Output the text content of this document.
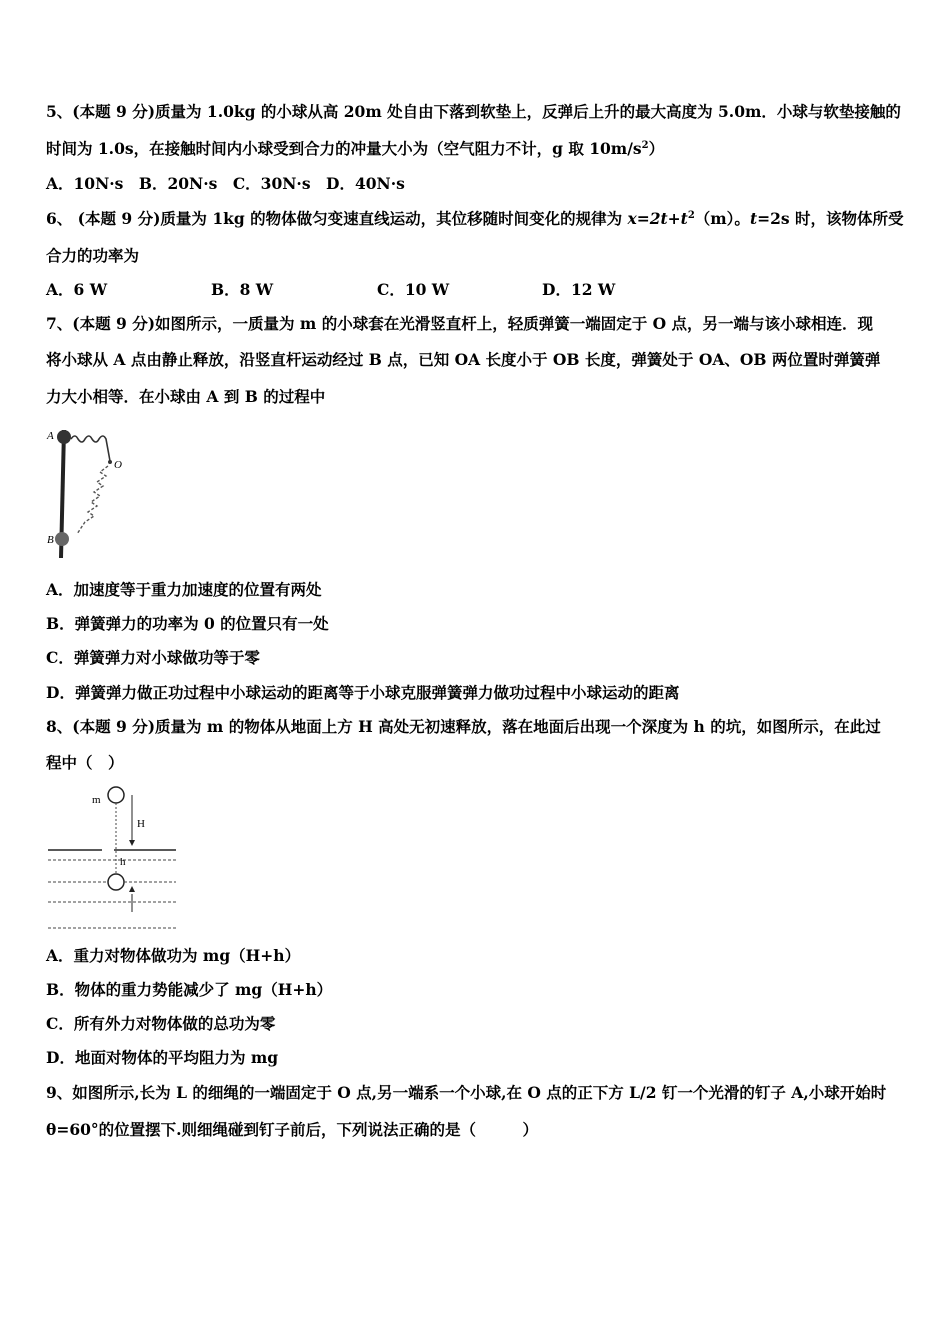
5、(本题 9 分)质量为 1.0kg 的小球从高 20m 处自由下落到软垫上，反弹后上升的最大高度为 5.0m．小球与软垫接触的
时间为 1.0s，在接触时间内小球受到合力的冲量大小为（空气阻力不计，g 取 $10m/s^2$）
A．10N·s　B．20N·s　C．30N·s　D．40N·s
6、 (本题 9 分)质量为 1kg 的物体做匀变速直线运动，其位移随时间变化的规律为 $x=2t+t^2(m)$。t=2s 时，该物体所受
合力的功率为
A．6 W	B．8 W	C．10 W	D．12 W
7、(本题 9 分)如图所示，一质量为 m 的小球套在光滑竖直杆上，轻质弹簧一端固定于 O 点，另一端与该小球相连．现
将小球从 A 点由静止释放，沿竖直杆运动经过 B 点，已知 OA 长度小于 OB 长度，弹簧处于 OA、OB 两位置时弹簧弹
力大小相等．在小球由 A 到 B 的过程中
A
O
B
A．加速度等于重力加速度的位置有两处
B．弹簧弹力的功率为 0 的位置只有一处
C．弹簧弹力对小球做功等于零
D．弹簧弹力做正功过程中小球运动的距离等于小球克服弹簧弹力做功过程中小球运动的距离
8、(本题 9 分)质量为 m 的物体从地面上方 H 高处无初速释放，落在地面后出现一个深度为 h 的坑，如图所示，在此过
程中（　）
H
h
m
A．重力对物体做功为 mg（H+h）
B．物体的重力势能减少了 mg（H+h）
C．所有外力对物体做的总功为零
D．地面对物体的平均阻力为 mg
9、如图所示,长为 L 的细绳的一端固定于 O 点,另一端系一个小球,在 O 点的正下方 L/2 钉一个光滑的钉子 A,小球开始时
θ=60°的位置摆下.则细绳碰到钉子前后，下列说法正确的是（　　　）
